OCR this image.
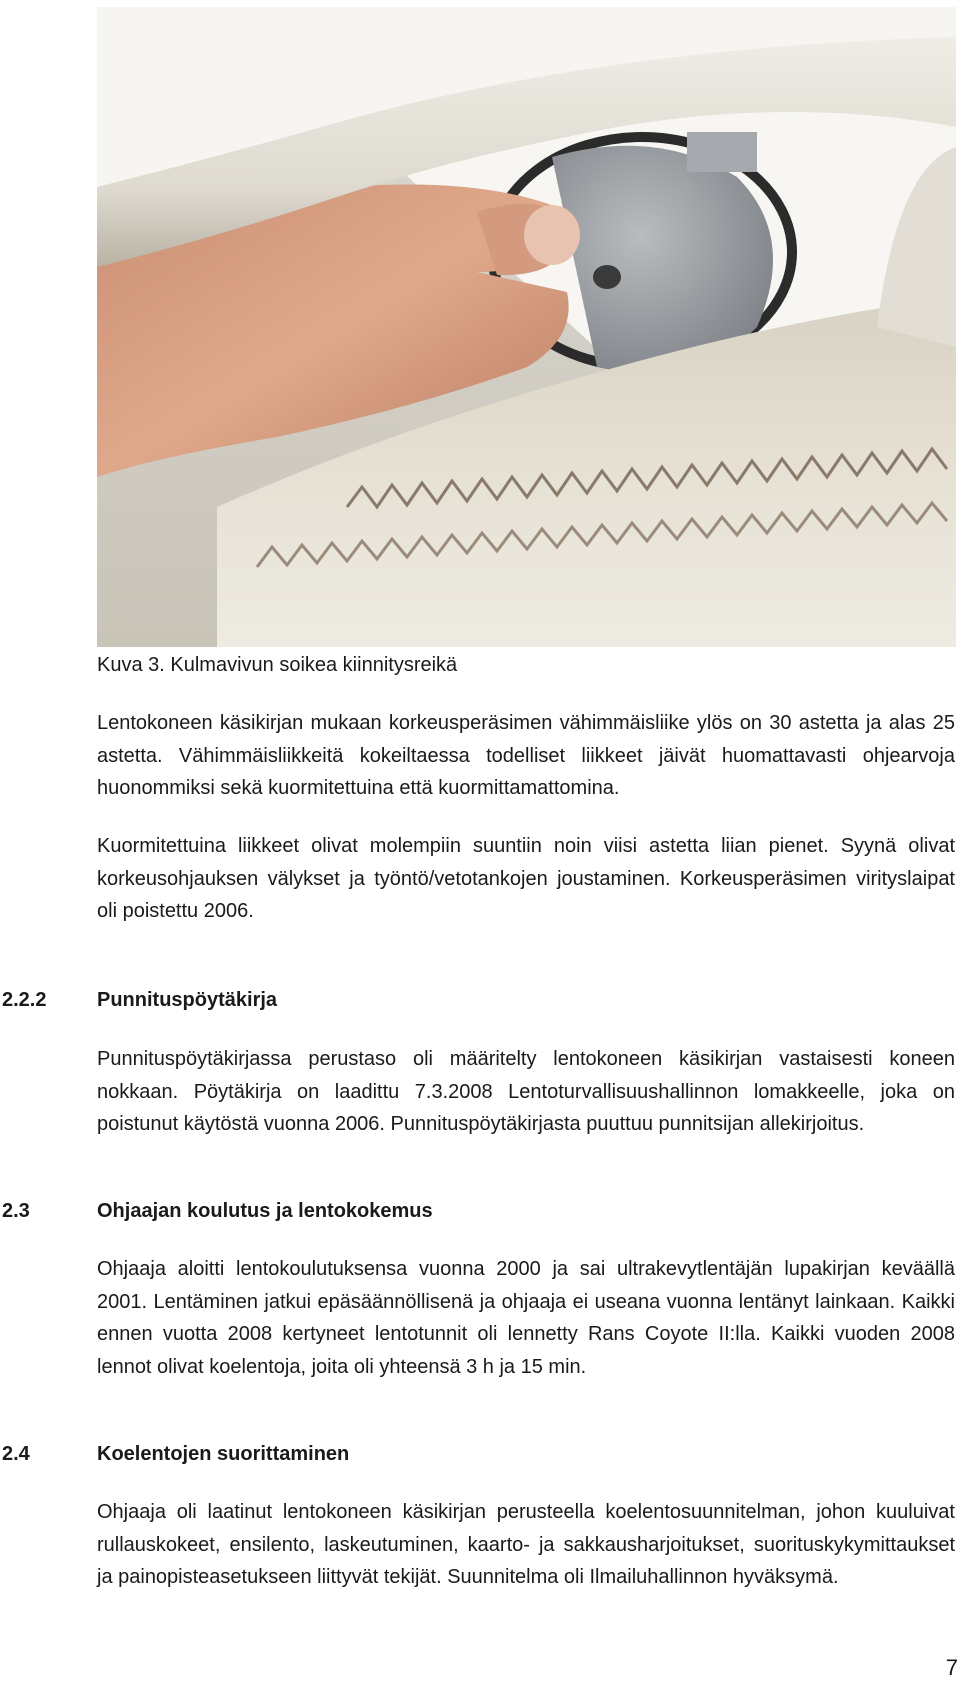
Kuva 3. Kulmavivun soikea kiinnitysreikä

Lentokoneen käsikirjan mukaan korkeusperäsimen vähimmäisliike ylös on 30 astetta ja alas 25 astetta. Vähimmäisliikkeitä kokeiltaessa todelliset liikkeet jäivät huomattavasti ohjearvoja huonommiksi sekä kuormitettuina että kuormittamattomina.

Kuormitettuina liikkeet olivat molempiin suuntiin noin viisi astetta liian pienet. Syynä olivat korkeusohjauksen välykset ja työntö/vetotankojen joustaminen. Korkeusperäsimen virityslaipat oli poistettu 2006.

2.2.2	Punnituspöytäkirja

Punnituspöytäkirjassa perustaso oli määritelty lentokoneen käsikirjan vastaisesti koneen nokkaan. Pöytäkirja on laadittu 7.3.2008 Lentoturvallisuushallinnon lomakkeelle, joka on poistunut käytöstä vuonna 2006. Punnituspöytäkirjasta puuttuu punnitsijan allekirjoitus.

2.3	Ohjaajan koulutus ja lentokokemus

Ohjaaja aloitti lentokoulutuksensa vuonna 2000 ja sai ultrakevytlentäjän lupakirjan keväällä 2001. Lentäminen jatkui epäsäännöllisenä ja ohjaaja ei useana vuonna lentänyt lainkaan. Kaikki ennen vuotta 2008 kertyneet lentotunnit oli lennetty Rans Coyote II:lla. Kaikki vuoden 2008 lennot olivat koelentoja, joita oli yhteensä 3 h ja 15 min.

2.4	Koelentojen suorittaminen

Ohjaaja oli laatinut lentokoneen käsikirjan perusteella koelentosuunnitelman, johon kuuluivat rullauskokeet, ensilento, laskeutuminen, kaarto- ja sakkausharjoitukset, suorituskykymittaukset ja painopisteasetukseen liittyvät tekijät. Suunnitelma oli Ilmailuhallinnon hyväksymä.

7
